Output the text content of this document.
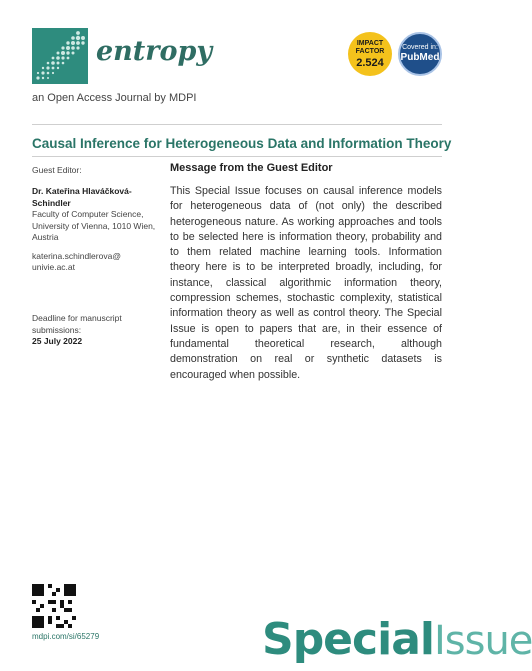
entropy
an Open Access Journal by MDPI
IMPACT
FACTOR
2.524
Covered in:
PubMed
Causal Inference for Heterogeneous Data and Information Theory
Guest Editor:
Dr. Kateřina Hlaváčková-Schindler
Faculty of Computer Science,
University of Vienna, 1010 Wien,
Austria
katerina.schindlerova@
univie.ac.at
Deadline for manuscript
submissions:
25 July 2022
Message from the Guest Editor
This Special Issue focuses on causal inference models for heterogeneous data of (not only) the described heterogeneous nature. As working approaches and tools to be selected here is information theory, probability and to them related machine learning tools. Information theory here is to be interpreted broadly, including, for instance, classical algorithmic information theory, compression schemes, stochastic complexity, statistical information theory as well as control theory. The Special Issue is open to papers that are, in their essence of fundamental theoretical research, although demonstration on real or synthetic datasets is encouraged when possible.
mdpi.com/si/65279	SpecialIssue
